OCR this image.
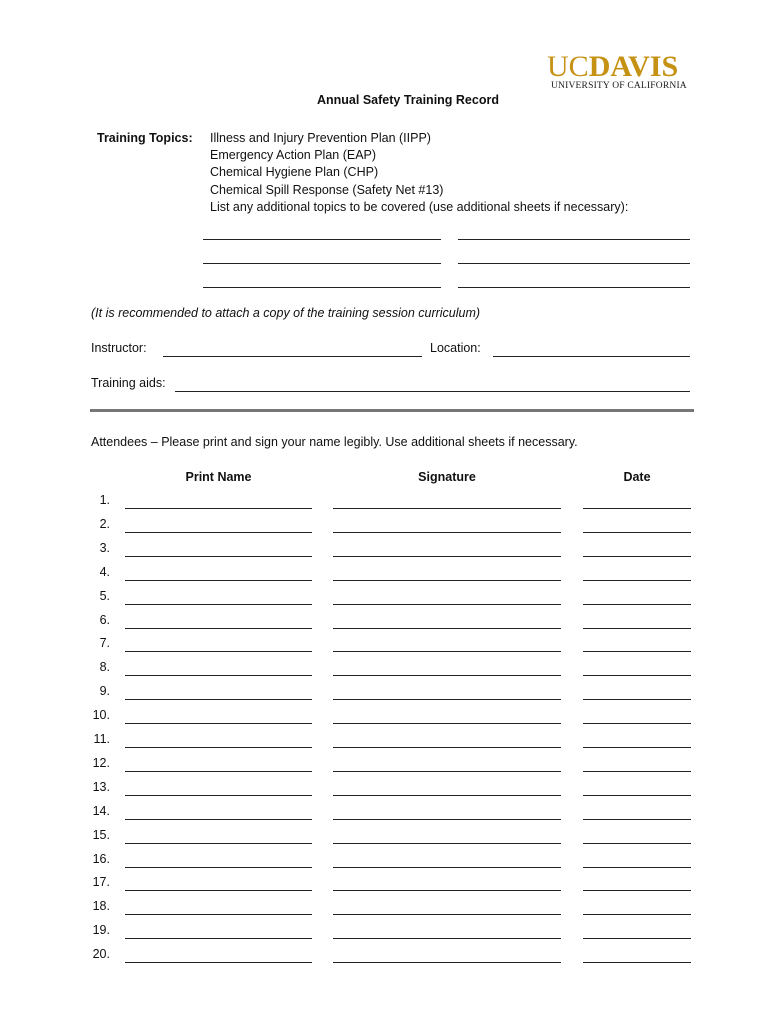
UCDAVIS
UNIVERSITY OF CALIFORNIA
Annual Safety Training Record
Training Topics: Illness and Injury Prevention Plan (IIPP)
Emergency Action Plan (EAP)
Chemical Hygiene Plan (CHP)
Chemical Spill Response (Safety Net #13)
List any additional topics to be covered (use additional sheets if necessary):
(It is recommended to attach a copy of the training session curriculum)
Instructor:	Location:
Training aids:
Attendees – Please print and sign your name legibly. Use additional sheets if necessary.
Print Name	Signature	Date
1.
2.
3.
4.
5.
6.
7.
8.
9.
10.
11.
12.
13.
14.
15.
16.
17.
18.
19.
20.
